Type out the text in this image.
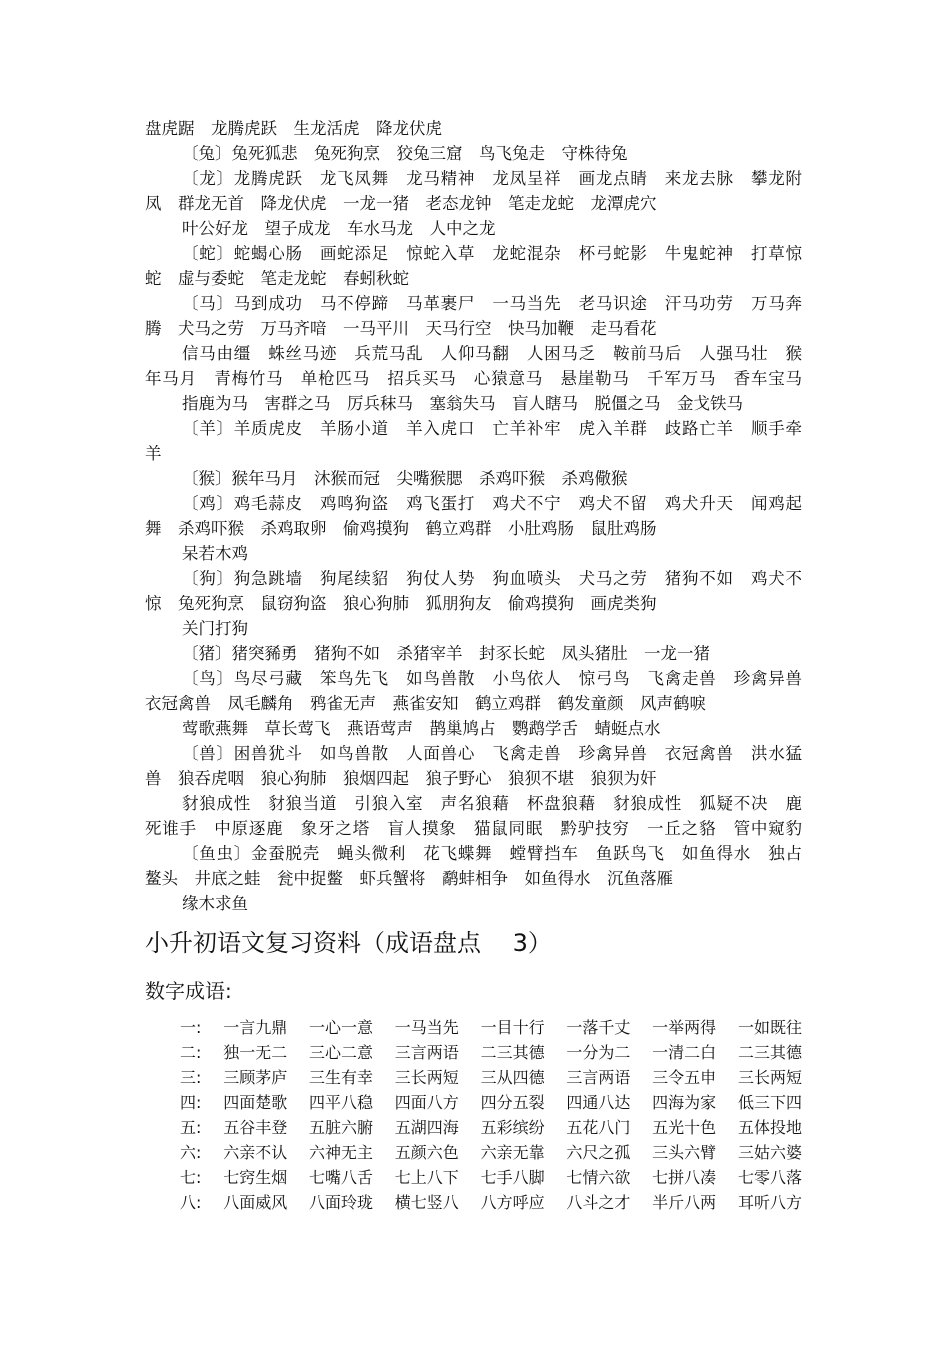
盘虎踞　龙腾虎跃　生龙活虎　降龙伏虎
〔兔〕兔死狐悲　兔死狗烹　狡兔三窟　鸟飞兔走　守株待兔
〔龙〕龙腾虎跃　龙飞凤舞　龙马精神　龙凤呈祥　画龙点睛　来龙去脉　攀龙附
凤　群龙无首　降龙伏虎　一龙一猪　老态龙钟　笔走龙蛇　龙潭虎穴
叶公好龙　望子成龙　车水马龙　人中之龙
〔蛇〕蛇蝎心肠　画蛇添足　惊蛇入草　龙蛇混杂　杯弓蛇影　牛鬼蛇神　打草惊
蛇　虚与委蛇　笔走龙蛇　春蚓秋蛇
〔马〕马到成功　马不停蹄　马革裹尸　一马当先　老马识途　汗马功劳　万马奔
腾　犬马之劳　万马齐喑　一马平川　天马行空　快马加鞭　走马看花
信马由缰　蛛丝马迹　兵荒马乱　人仰马翻　人困马乏　鞍前马后　人强马壮　猴
年马月　青梅竹马　单枪匹马　招兵买马　心猿意马　悬崖勒马　千军万马　香车宝马
指鹿为马　害群之马　厉兵秣马　塞翁失马　盲人瞎马　脱僵之马　金戈铁马
〔羊〕羊质虎皮　羊肠小道　羊入虎口　亡羊补牢　虎入羊群　歧路亡羊　顺手牵
羊
〔猴〕猴年马月　沐猴而冠　尖嘴猴腮　杀鸡吓猴　杀鸡儆猴
〔鸡〕鸡毛蒜皮　鸡鸣狗盗　鸡飞蛋打　鸡犬不宁　鸡犬不留　鸡犬升天　闻鸡起
舞　杀鸡吓猴　杀鸡取卵　偷鸡摸狗　鹤立鸡群　小肚鸡肠　鼠肚鸡肠
呆若木鸡
〔狗〕狗急跳墙　狗尾续貂　狗仗人势　狗血喷头　犬马之劳　猪狗不如　鸡犬不
惊　兔死狗烹　鼠窃狗盗　狼心狗肺　狐朋狗友　偷鸡摸狗　画虎类狗
关门打狗
〔猪〕猪突豨勇　猪狗不如　杀猪宰羊　封豕长蛇　凤头猪肚　一龙一猪
〔鸟〕鸟尽弓藏　笨鸟先飞　如鸟兽散　小鸟依人　惊弓鸟　飞禽走兽　珍禽异兽
衣冠禽兽　凤毛麟角　鸦雀无声　燕雀安知　鹤立鸡群　鹤发童颜　风声鹤唳
莺歌燕舞　草长莺飞　燕语莺声　鹊巢鸠占　鹦鹉学舌　蜻蜓点水
〔兽〕困兽犹斗　如鸟兽散　人面兽心　飞禽走兽　珍禽异兽　衣冠禽兽　洪水猛
兽　狼吞虎咽　狼心狗肺　狼烟四起　狼子野心　狼狈不堪　狼狈为奸
豺狼成性　豺狼当道　引狼入室　声名狼藉　杯盘狼藉　豺狼成性　狐疑不决　鹿
死谁手　中原逐鹿　象牙之塔　盲人摸象　猫鼠同眠　黔驴技穷　一丘之貉　管中窥豹
〔鱼虫〕金蚕脱壳　蝇头微利　花飞蝶舞　螳臂挡车　鱼跃鸟飞　如鱼得水　独占
鳌头　井底之蛙　瓮中捉鳖　虾兵蟹将　鹬蚌相争　如鱼得水　沉鱼落雁
缘木求鱼
小升初语文复习资料（成语盘点　 3）
数字成语:
一: 一言九鼎 一心一意 一马当先 一目十行 一落千丈 一举两得 一如既往
二: 独一无二 三心二意 三言两语 二三其德 一分为二 一清二白 二三其德
三: 三顾茅庐 三生有幸 三长两短 三从四德 三言两语 三令五申 三长两短
四: 四面楚歌 四平八稳 四面八方 四分五裂 四通八达 四海为家 低三下四
五: 五谷丰登 五脏六腑 五湖四海 五彩缤纷 五花八门 五光十色 五体投地
六: 六亲不认 六神无主 五颜六色 六亲无靠 六尺之孤 三头六臂 三姑六婆
七: 七窍生烟 七嘴八舌 七上八下 七手八脚 七情六欲 七拼八凑 七零八落
八: 八面威风 八面玲珑 横七竖八 八方呼应 八斗之才 半斤八两 耳听八方
